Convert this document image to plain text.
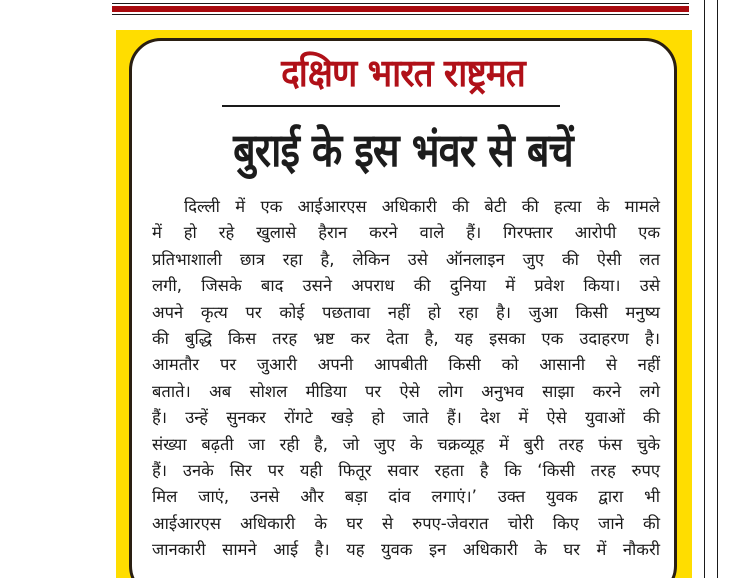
दक्षिण भारत राष्ट्रमत
बुराई के इस भंवर से बचें
दिल्ली में एक आईआरएस अधिकारी की बेटी की हत्या के मामले
में हो रहे खुलासे हैरान करने वाले हैं। गिरफ्तार आरोपी एक
प्रतिभाशाली छात्र रहा है, लेकिन उसे ऑनलाइन जुए की ऐसी लत
लगी, जिसके बाद उसने अपराध की दुनिया में प्रवेश किया। उसे
अपने कृत्य पर कोई पछतावा नहीं हो रहा है। जुआ किसी मनुष्य
की बुद्धि किस तरह भ्रष्ट कर देता है, यह इसका एक उदाहरण है।
आमतौर पर जुआरी अपनी आपबीती किसी को आसानी से नहीं
बताते। अब सोशल मीडिया पर ऐसे लोग अनुभव साझा करने लगे
हैं। उन्हें सुनकर रोंगटे खड़े हो जाते हैं। देश में ऐसे युवाओं की
संख्या बढ़ती जा रही है, जो जुए के चक्रव्यूह में बुरी तरह फंस चुके
हैं। उनके सिर पर यही फितूर सवार रहता है कि ‘किसी तरह रुपए
मिल जाएं, उनसे और बड़ा दांव लगाएं।’ उक्त युवक द्वारा भी
आईआरएस अधिकारी के घर से रुपए-जेवरात चोरी किए जाने की
जानकारी सामने आई है। यह युवक इन अधिकारी के घर में नौकरी
